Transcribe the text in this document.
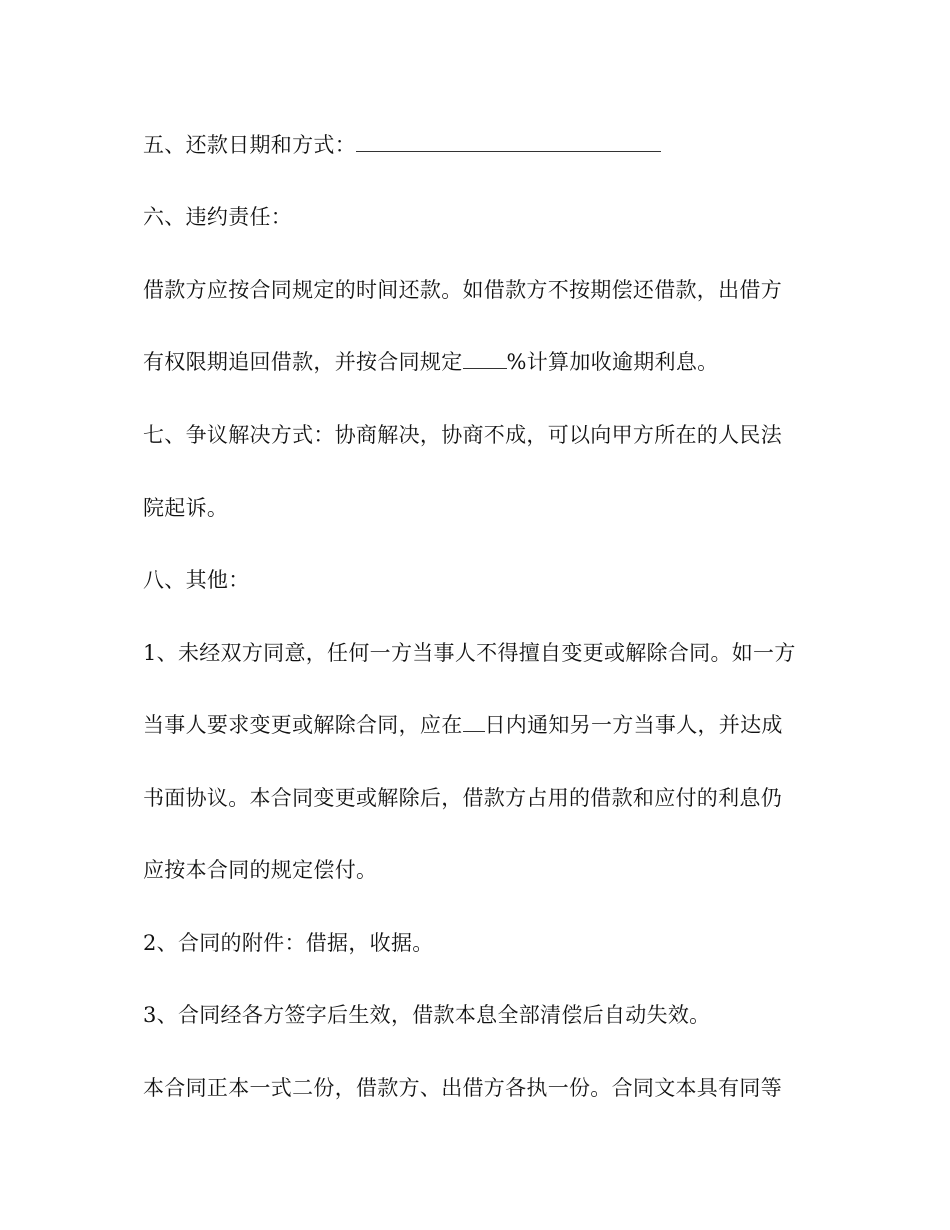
五、还款日期和方式：
六、违约责任：
借款方应按合同规定的时间还款。如借款方不按期偿还借款，出借方
有权限期追回借款，并按合同规定 %计算加收逾期利息。
七、争议解决方式：协商解决，协商不成，可以向甲方所在的人民法
院起诉。
八、其他：
1、未经双方同意，任何一方当事人不得擅自变更或解除合同。如一方
当事人要求变更或解除合同，应在 日内通知另一方当事人，并达成
书面协议。本合同变更或解除后，借款方占用的借款和应付的利息仍
应按本合同的规定偿付。
2、合同的附件：借据，收据。
3、合同经各方签字后生效，借款本息全部清偿后自动失效。
本合同正本一式二份，借款方、出借方各执一份。合同文本具有同等
